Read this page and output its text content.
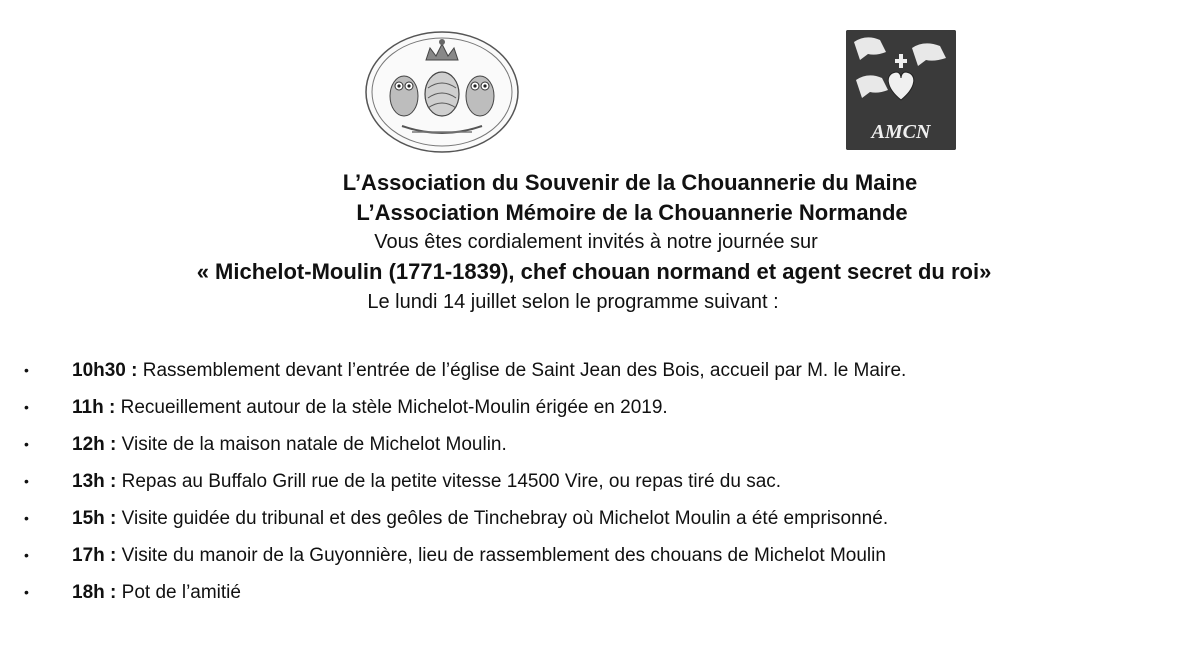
AMCN
L’Association du Souvenir de la Chouannerie du Maine
L’Association Mémoire de la Chouannerie Normande
Vous êtes cordialement invités à notre journée sur
« Michelot-Moulin (1771-1839), chef chouan normand et agent secret du roi»
Le lundi 14 juillet selon le programme suivant :
• 10h30 : Rassemblement devant l’entrée de l’église de Saint Jean des Bois, accueil par M. le Maire.
• 11h : Recueillement autour de la stèle Michelot-Moulin érigée en 2019.
• 12h : Visite de la maison natale de Michelot Moulin.
• 13h : Repas au Buffalo Grill rue de la petite vitesse 14500 Vire, ou repas tiré du sac.
• 15h : Visite guidée du tribunal et des geôles de Tinchebray où Michelot Moulin a été emprisonné.
• 17h : Visite du manoir de la Guyonnière, lieu de rassemblement des chouans de Michelot Moulin
• 18h : Pot de l’amitié
